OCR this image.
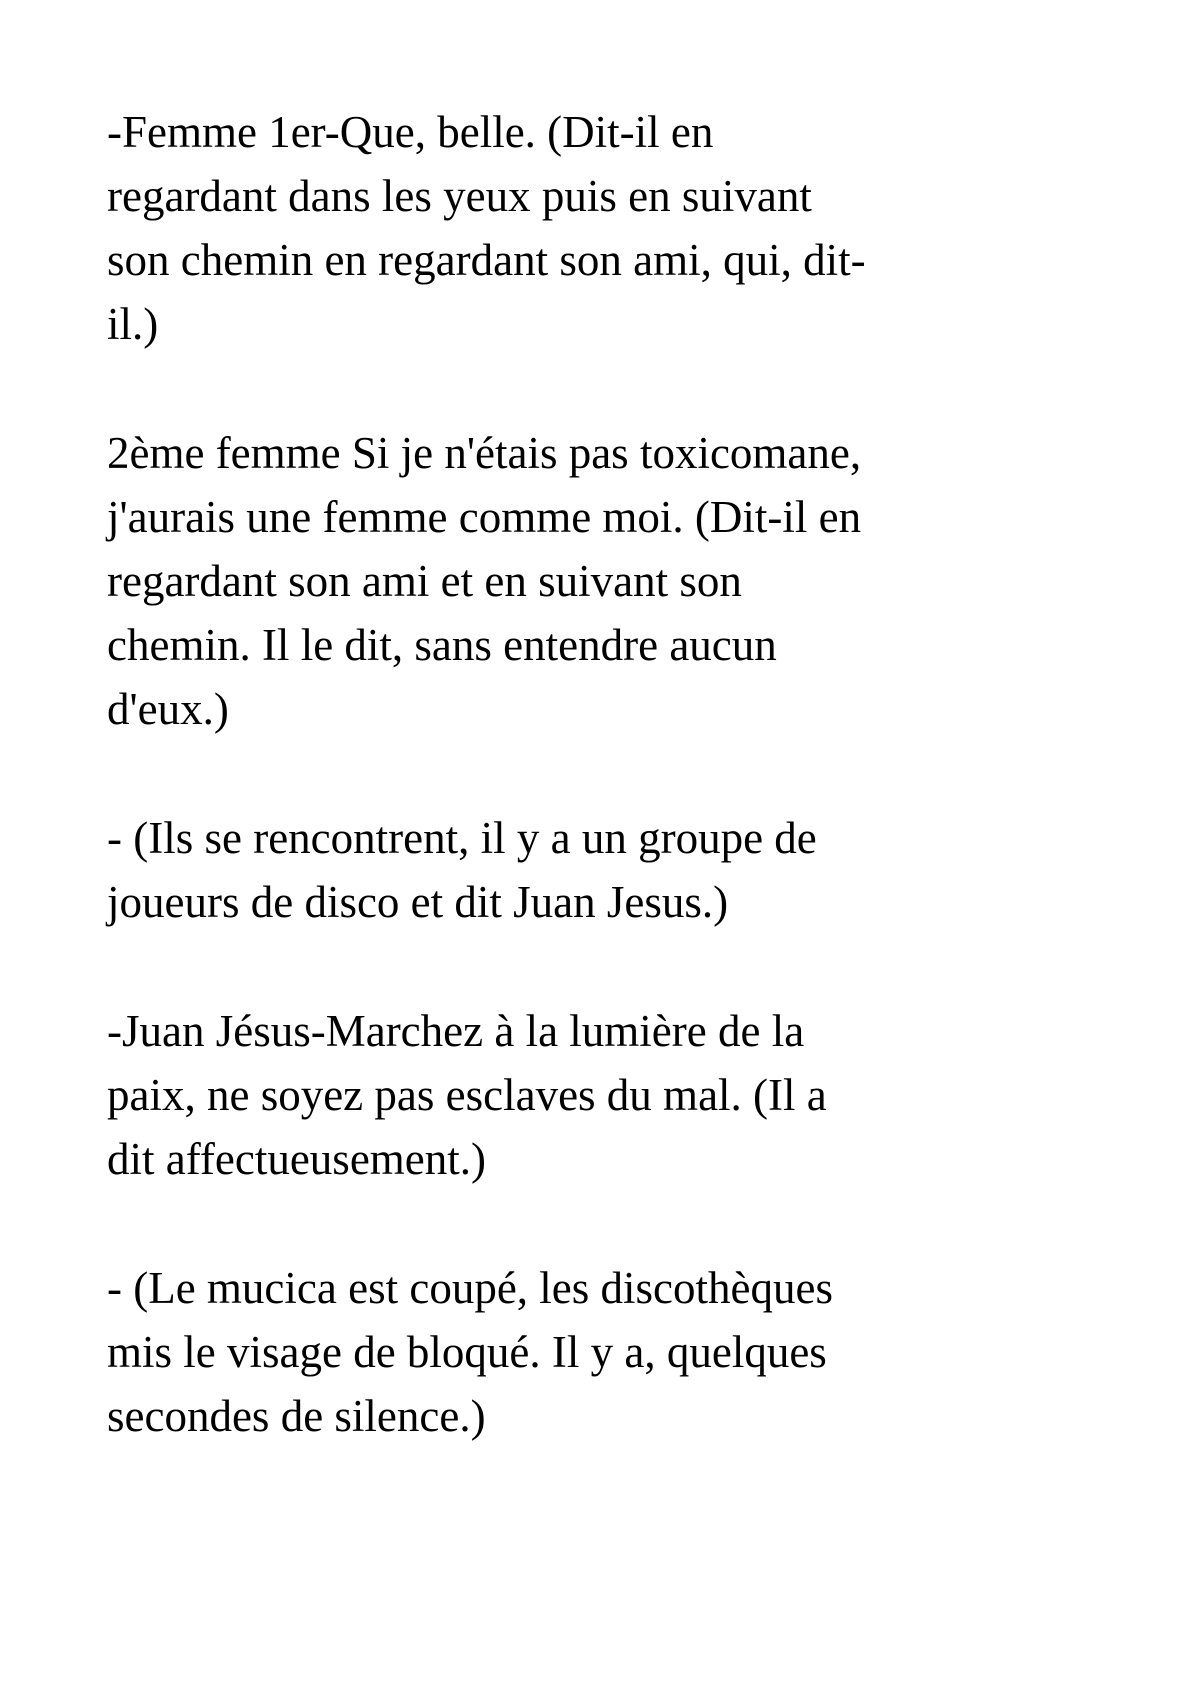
-Femme 1er-Que, belle. (Dit-il en
regardant dans les yeux puis en suivant
son chemin en regardant son ami, qui, dit-
il.)
2ème femme Si je n'étais pas toxicomane,
j'aurais une femme comme moi. (Dit-il en
regardant son ami et en suivant son
chemin. Il le dit, sans entendre aucun
d'eux.)
- (Ils se rencontrent, il y a un groupe de
joueurs de disco et dit Juan Jesus.)
-Juan Jésus-Marchez à la lumière de la
paix, ne soyez pas esclaves du mal. (Il a
dit affectueusement.)
- (Le mucica est coupé, les discothèques
mis le visage de bloqué. Il y a, quelques
secondes de silence.)
